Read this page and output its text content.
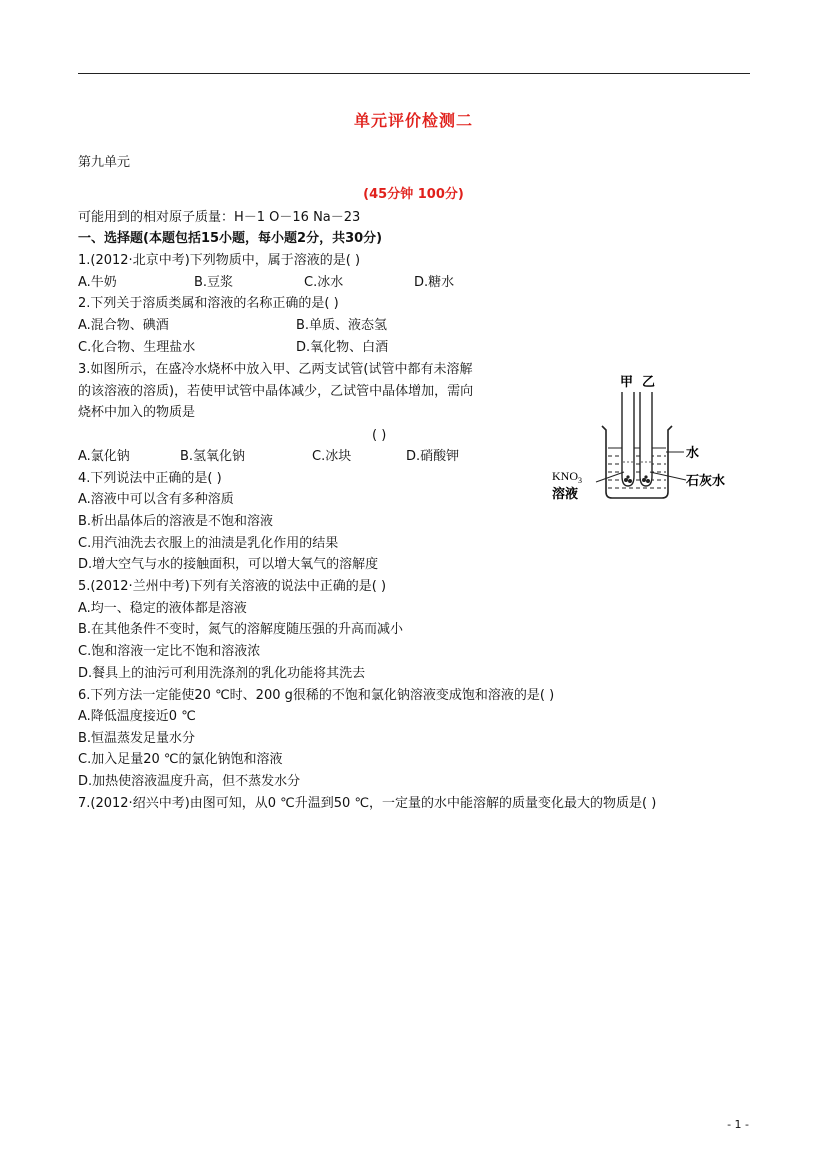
单元评价检测二
第九单元
(45分钟 100分)
可能用到的相对原子质量：H－1 O－16 Na－23
一、选择题(本题包括15小题，每小题2分，共30分)
1.(2012·北京中考)下列物质中，属于溶液的是( )
A.牛奶	B.豆浆	C.冰水	D.糖水
2.下列关于溶质类属和溶液的名称正确的是( )
A.混合物、碘酒	B.单质、液态氢
C.化合物、生理盐水	D.氧化物、白酒
3.如图所示，在盛冷水烧杯中放入甲、乙两支试管(试管中都有未溶解
的该溶液的溶质)，若使甲试管中晶体减少，乙试管中晶体增加，需向
烧杯中加入的物质是
( )
A.氯化钠	B.氢氧化钠	C.冰块	D.硝酸钾
甲 乙
水
石灰水
$KNO_3$
溶液
4.下列说法中正确的是( )
A.溶液中可以含有多种溶质
B.析出晶体后的溶液是不饱和溶液
C.用汽油洗去衣服上的油渍是乳化作用的结果
D.增大空气与水的接触面积，可以增大氧气的溶解度
5.(2012·兰州中考)下列有关溶液的说法中正确的是( )
A.均一、稳定的液体都是溶液
B.在其他条件不变时，氮气的溶解度随压强的升高而减小
C.饱和溶液一定比不饱和溶液浓
D.餐具上的油污可利用洗涤剂的乳化功能将其洗去
6.下列方法一定能使20 ℃时、200 g很稀的不饱和氯化钠溶液变成饱和溶液的是( )
A.降低温度接近0 ℃
B.恒温蒸发足量水分
C.加入足量20 ℃的氯化钠饱和溶液
D.加热使溶液温度升高，但不蒸发水分
7.(2012·绍兴中考)由图可知，从0 ℃升温到50 ℃，一定量的水中能溶解的质量变化最大的物质是( )
- 1 -
